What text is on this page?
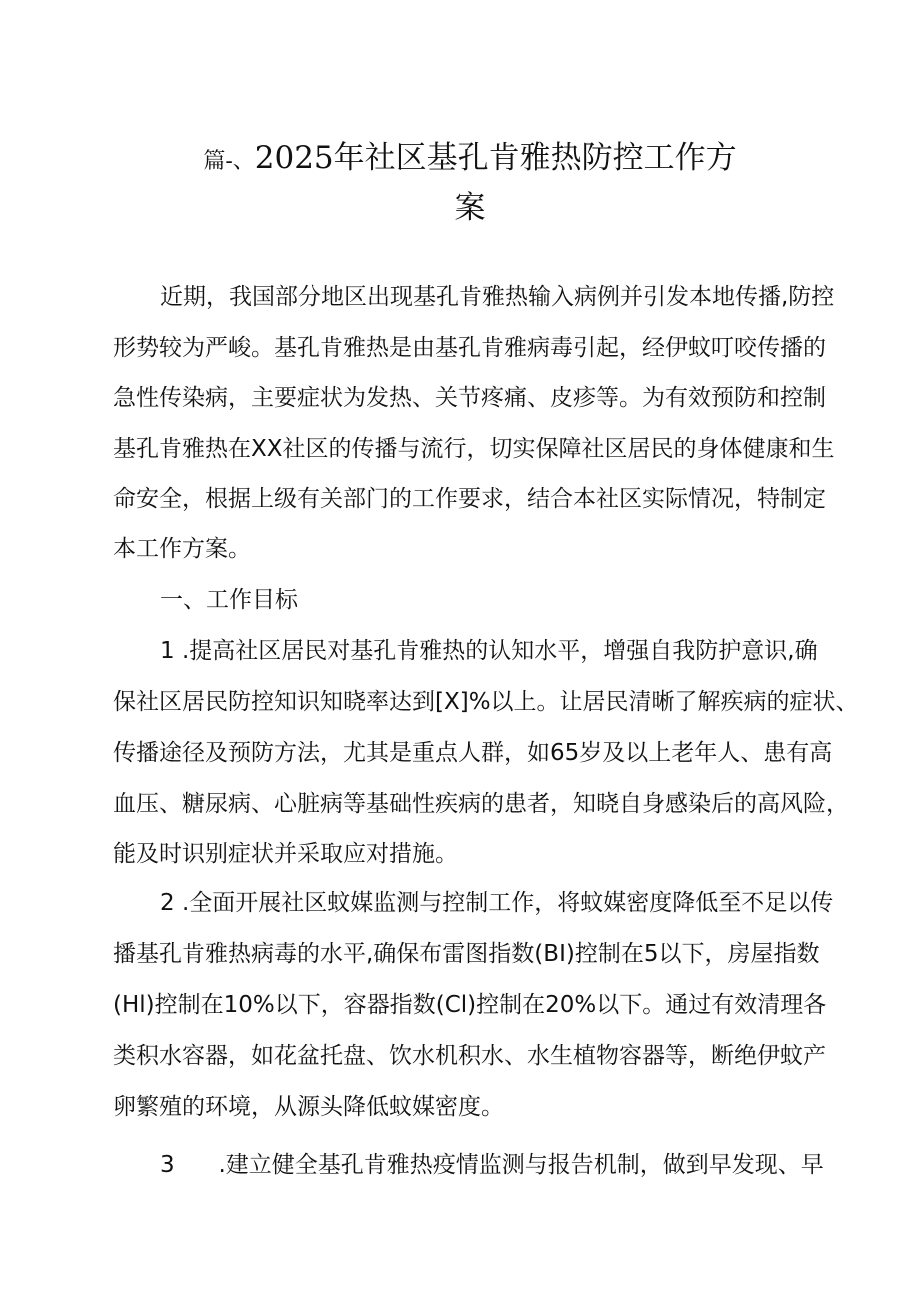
篇-、2025年社区基孔肯雅热防控工作方
案
近期，我国部分地区出现基孔肯雅热输入病例并引发本地传播,防控
形势较为严峻。基孔肯雅热是由基孔肯雅病毒引起，经伊蚊叮咬传播的
急性传染病，主要症状为发热、关节疼痛、皮疹等。为有效预防和控制
基孔肯雅热在XX社区的传播与流行，切实保障社区居民的身体健康和生
命安全，根据上级有关部门的工作要求，结合本社区实际情况，特制定
本工作方案。
一、工作目标
1 .提高社区居民对基孔肯雅热的认知水平，增强自我防护意识,确
保社区居民防控知识知晓率达到[X]%以上。让居民清晰了解疾病的症状、
传播途径及预防方法，尤其是重点人群，如65岁及以上老年人、患有高
血压、糖尿病、心脏病等基础性疾病的患者，知晓自身感染后的高风险，
能及时识别症状并采取应对措施。
2 .全面开展社区蚊媒监测与控制工作，将蚊媒密度降低至不足以传
播基孔肯雅热病毒的水平,确保布雷图指数(BI)控制在5以下，房屋指数
(Hl)控制在10%以下，容器指数(Cl)控制在20%以下。通过有效清理各
类积水容器，如花盆托盘、饮水机积水、水生植物容器等，断绝伊蚊产
卵繁殖的环境，从源头降低蚊媒密度。
3      .建立健全基孔肯雅热疫情监测与报告机制，做到早发现、早
